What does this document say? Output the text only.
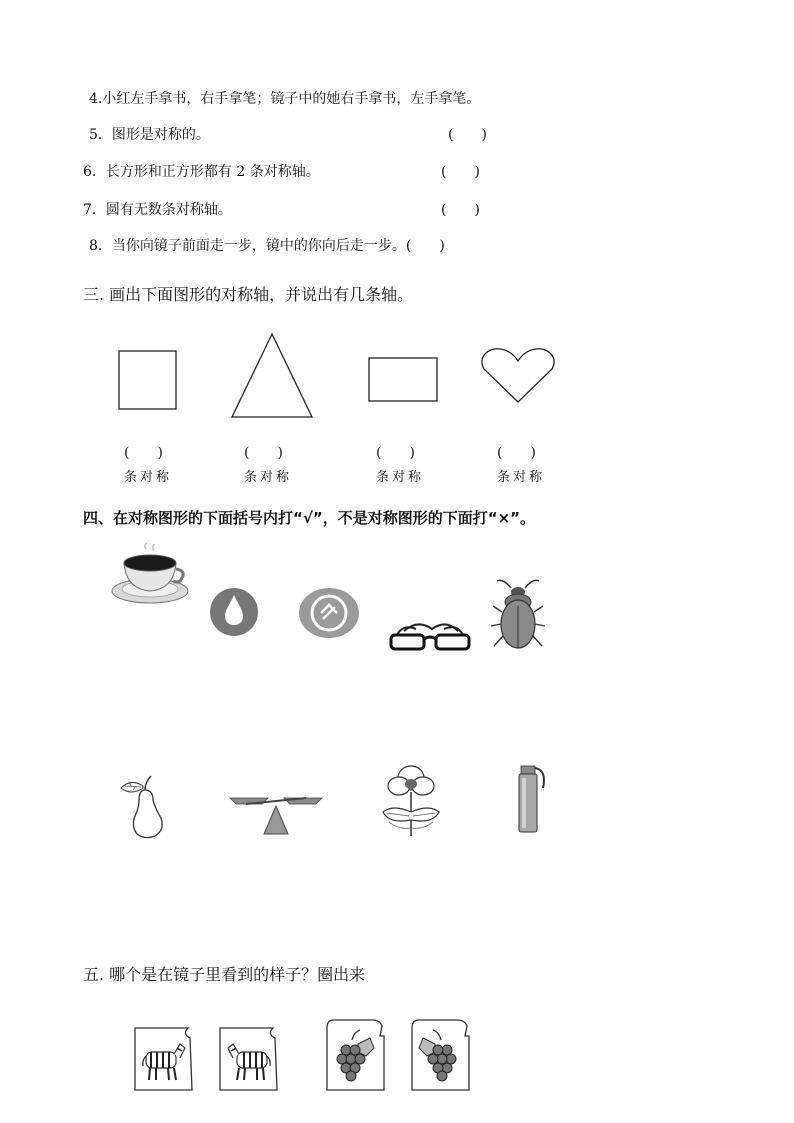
4.小红左手拿书，右手拿笔；镜子中的她右手拿书，左手拿笔。
5．图形是对称的。	(　　)
6．长方形和正方形都有 2 条对称轴。	(　　)
7．圆有无数条对称轴。	(　　)
8．当你向镜子前面走一步，镜中的你向后走一步。(　　)
三. 画出下面图形的对称轴，并说出有几条轴。
(　　)	(　　)	(　　)	(　　)
条对称	条对称	条对称	条对称
四、在对称图形的下面括号内打“√”，不是对称图形的下面打“×”。
五. 哪个是在镜子里看到的样子？圈出来
